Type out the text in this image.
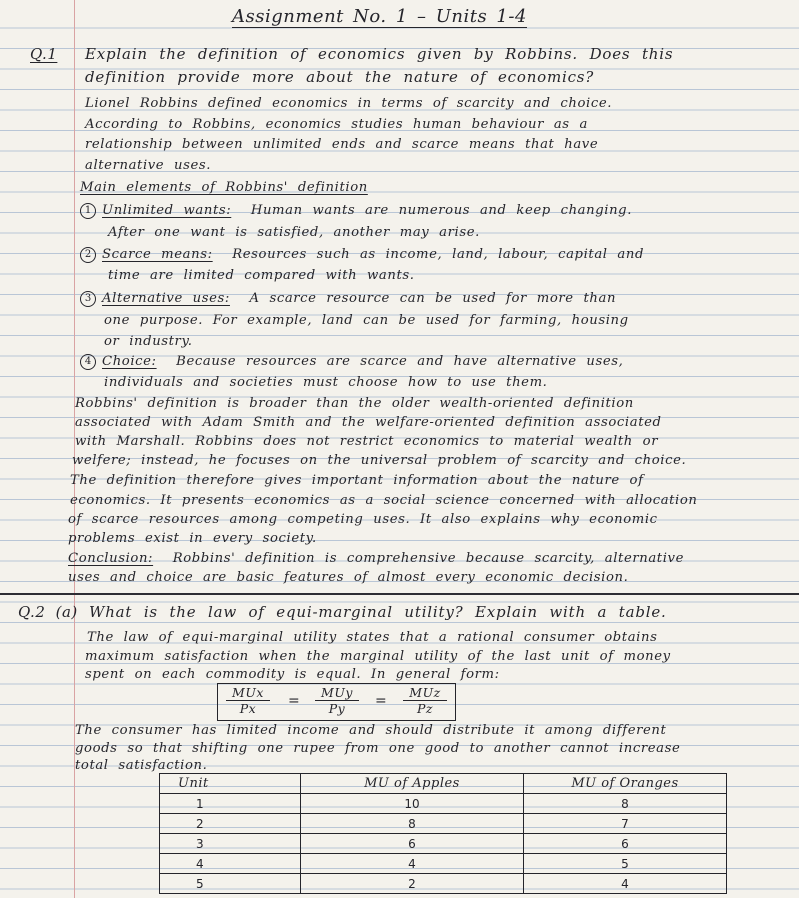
Assignment No. 1 – Units 1-4
Q.1 Explain the definition of economics given by Robbins. Does this
definition provide more about the nature of economics?
Lionel Robbins defined economics in terms of scarcity and choice.
According to Robbins, economics studies human behaviour as a
relationship between unlimited ends and scarce means that have
alternative uses.
Main elements of Robbins' definition
1 Unlimited wants: Human wants are numerous and keep changing.
After one want is satisfied, another may arise.
2 Scarce means: Resources such as income, land, labour, capital and
time are limited compared with wants.
3 Alternative uses: A scarce resource can be used for more than
one purpose. For example, land can be used for farming, housing
or industry.
4 Choice: Because resources are scarce and have alternative uses,
individuals and societies must choose how to use them.
Robbins' definition is broader than the older wealth-oriented definition
associated with Adam Smith and the welfare-oriented definition associated
with Marshall. Robbins does not restrict economics to material wealth or
welfere; instead, he focuses on the universal problem of scarcity and choice.
The definition therefore gives important information about the nature of
economics. It presents economics as a social science concerned with allocation
of scarce resources among competing uses. It also explains why economic
problems exist in every society.
Conclusion: Robbins' definition is comprehensive because scarcity, alternative
uses and choice are basic features of almost every economic decision.
Q.2 (a) What is the law of equi-marginal utility? Explain with a table.
The law of equi-marginal utility states that a rational consumer obtains
maximum satisfaction when the marginal utility of the last unit of money
spent on each commodity is equal. In general form:
MUx
Px	=
MUy
Py	=
MUz
Pz
The consumer has limited income and should distribute it among different
goods so that shifting one rupee from one good to another cannot increase
total satisfaction.
Unit	MU of Apples	MU of Oranges
1	10	8
2	8	7
3	6	6
4	4	5
5	2	4
